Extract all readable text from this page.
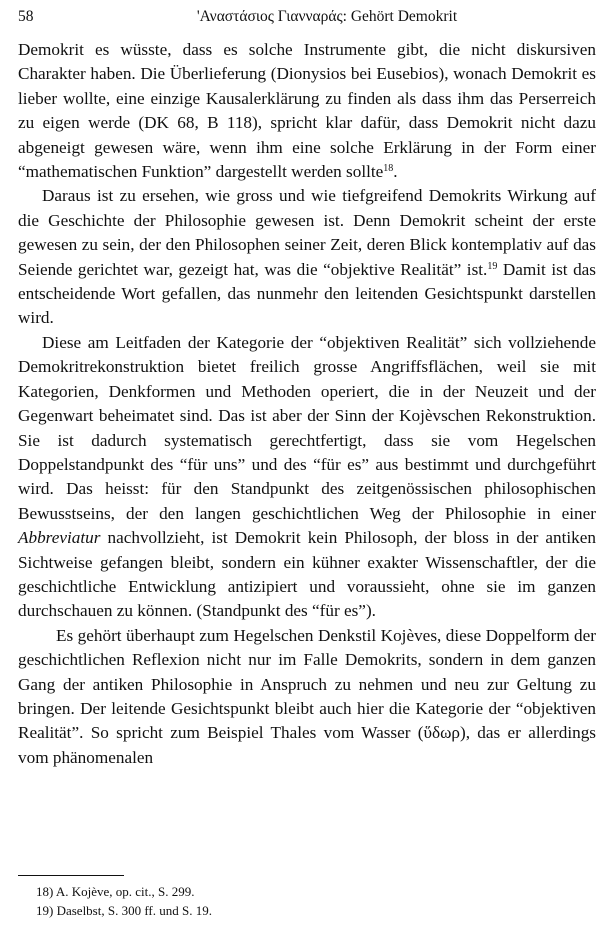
58	'Αναστάσιος Γιανναράς: Gehört Demokrit

Demokrit es wüsste, dass es solche Instrumente gibt, die nicht diskursiven Charakter haben. Die Überlieferung (Dionysios bei Eusebios), wonach Demokrit es lieber wollte, eine einzige Kausalerklärung zu finden als dass ihm das Perserreich zu eigen werde (DK 68, B 118), spricht klar dafür, dass Demokrit nicht dazu abgeneigt gewesen wäre, wenn ihm eine solche Erklärung in der Form einer “mathematischen Funktion” dargestellt werden sollte$^{18}$.

Daraus ist zu ersehen, wie gross und wie tiefgreifend Demokrits Wirkung auf die Geschichte der Philosophie gewesen ist. Denn Demokrit scheint der erste gewesen zu sein, der den Philosophen seiner Zeit, deren Blick kontemplativ auf das Seiende gerichtet war, gezeigt hat, was die “objektive Realität” ist.$^{19}$ Damit ist das entscheidende Wort gefallen, das nunmehr den leitenden Gesichtspunkt darstellen wird.

Diese am Leitfaden der Kategorie der “objektiven Realität” sich vollziehende Demokritrekonstruktion bietet freilich grosse Angriffsflächen, weil sie mit Kategorien, Denkformen und Methoden operiert, die in der Neuzeit und der Gegenwart beheimatet sind. Das ist aber der Sinn der Kojèvschen Rekonstruktion. Sie ist dadurch systematisch gerechtfertigt, dass sie vom Hegelschen Doppelstandpunkt des “für uns” und des “für es” aus bestimmt und durchgeführt wird. Das heisst: für den Standpunkt des zeitgenössischen philosophischen Bewusstseins, der den langen geschichtlichen Weg der Philosophie in einer Abbreviatur nachvollzieht, ist Demokrit kein Philosoph, der bloss in der antiken Sichtweise gefangen bleibt, sondern ein kühner exakter Wissenschaftler, der die geschichtliche Entwicklung antizipiert und voraussieht, ohne sie im ganzen durchschauen zu können. (Standpunkt des “für es”).

Es gehört überhaupt zum Hegelschen Denkstil Kojèves, diese Doppelform der geschichtlichen Reflexion nicht nur im Falle Demokrits, sondern in dem ganzen Gang der antiken Philosophie in Anspruch zu nehmen und neu zur Geltung zu bringen. Der leitende Gesichtspunkt bleibt auch hier die Kategorie der “objektiven Realität”. So spricht zum Beispiel Thales vom Wasser (ὕδωρ), das er allerdings vom phänomenalen

18) A. Kojève, op. cit., S. 299.

19) Daselbst, S. 300 ff. und S. 19.
